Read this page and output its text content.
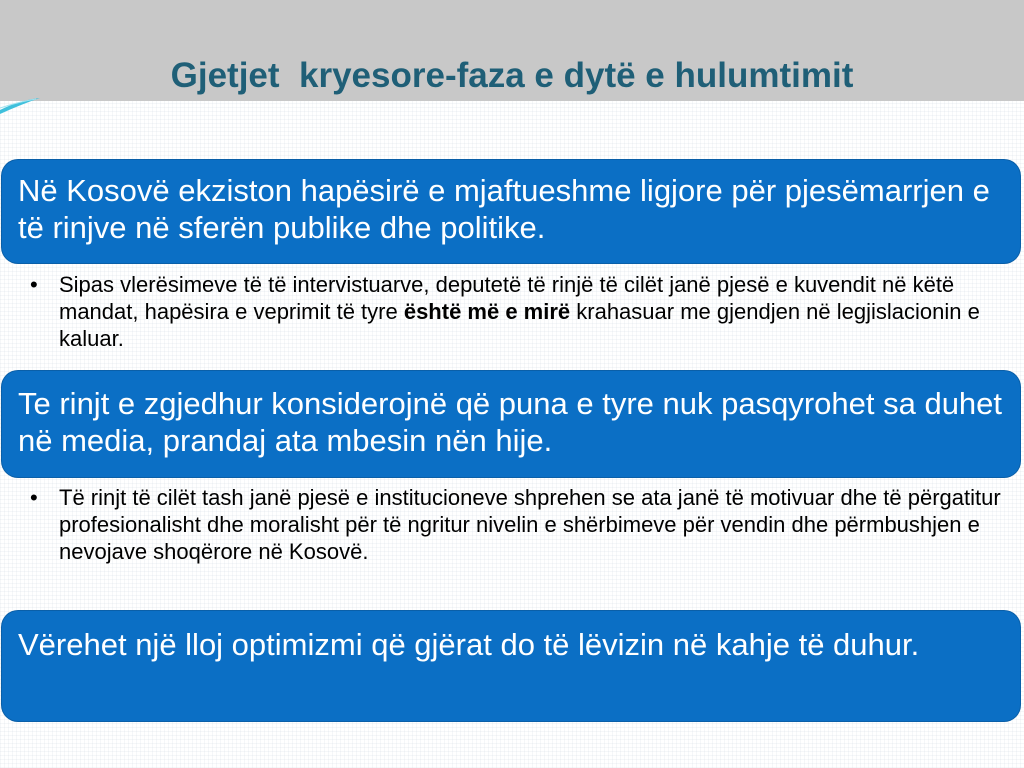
Gjetjet  kryesore-faza e dytë e hulumtimit
Në Kosovë ekziston hapësirë e mjaftueshme ligjore për pjesëmarrjen e të rinjve në sferën publike dhe politike.
• Sipas vlerësimeve të të intervistuarve, deputetë të rinjë të cilët janë pjesë e kuvendit në këtë mandat, hapësira e veprimit të tyre është më e mirë krahasuar me gjendjen në legjislacionin e kaluar.
Te rinjt e zgjedhur konsiderojnë që puna e tyre nuk pasqyrohet sa duhet në media, prandaj ata mbesin nën hije.
• Të rinjt të cilët tash janë pjesë e institucioneve shprehen se ata janë të motivuar dhe të përgatitur profesionalisht dhe moralisht për të ngritur nivelin e shërbimeve për vendin dhe përmbushjen e nevojave shoqërore në Kosovë.
Vërehet një lloj optimizmi që gjërat do të lëvizin në kahje të duhur.
